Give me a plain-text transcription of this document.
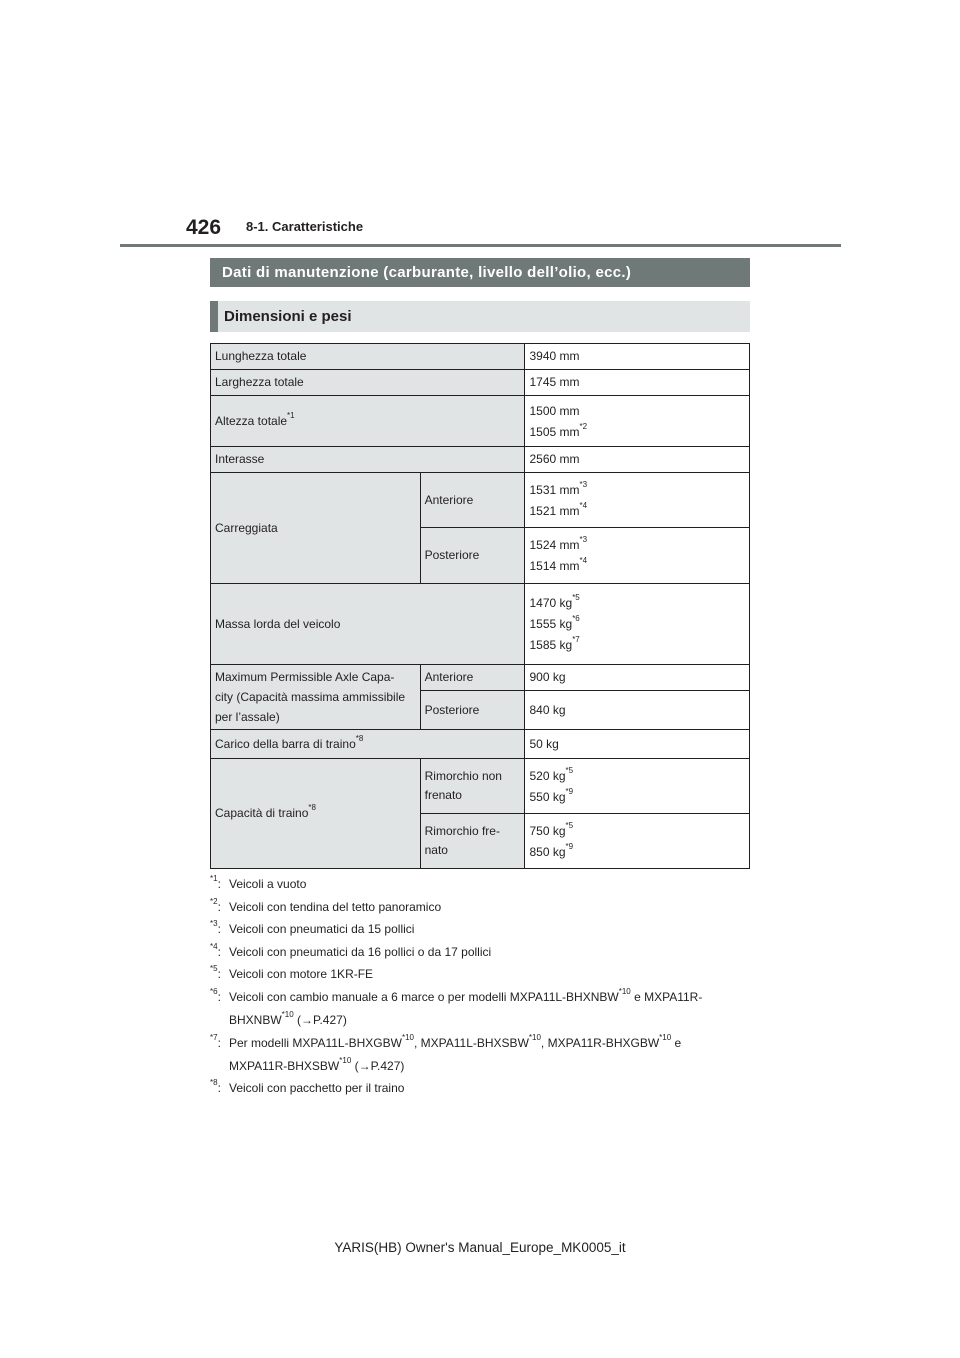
426 8-1. Caratteristiche
Dati di manutenzione (carburante, livello dell’olio, ecc.)
Dimensioni e pesi
Lunghezza totale		3940 mm
Larghezza totale		1745 mm
Altezza totale$^{*1}$		1500 mm
1505 $mm^{*2}$

Interasse		2560 mm
Carreggiata	Anteriore	1531 $mm^{*3}$
1521 $mm^{*4}$

	Posteriore	1524 $mm^{*3}$
1514 $mm^{*4}$

Massa lorda del veicolo		1470 $kg^{*5}$
1555 $kg^{*6}$
1585 $kg^{*7}$

Maximum Permissible Axle Capa-
city (Capacità massima ammissibile
per l’assale)	Anteriore	900 kg
	Posteriore	840 kg
Carico della barra di traino$^{*8}$		50 kg
Capacità di traino$^{*8}$	Rimorchio non
frenato	520 $kg^{*5}$
550 $kg^{*9}$

	Rimorchio fre-
nato	750 $kg^{*5}$
850 $kg^{*9}$
$^{*1}$: Veicoli a vuoto
$^{*2}$: Veicoli con tendina del tetto panoramico
$^{*3}$: Veicoli con pneumatici da 15 pollici
$^{*4}$: Veicoli con pneumatici da 16 pollici o da 17 pollici
$^{*5}$: Veicoli con motore 1KR-FE
$^{*6}$: Veicoli con cambio manuale a 6 marce o per modelli MXPA11L-BHXNBW$^{*10}$ e MXPA11R-
BHXNBW$^{*10}$ (→P.427)
$^{*7}$: Per modelli MXPA11L-BHXGBW$^{*10}$, MXPA11L-BHXSBW$^{*10}$, MXPA11R-BHXGBW$^{*10}$ e
MXPA11R-BHXSBW$^{*10}$ (→P.427)
$^{*8}$: Veicoli con pacchetto per il traino
YARIS(HB) Owner's Manual_Europe_MK0005_it
